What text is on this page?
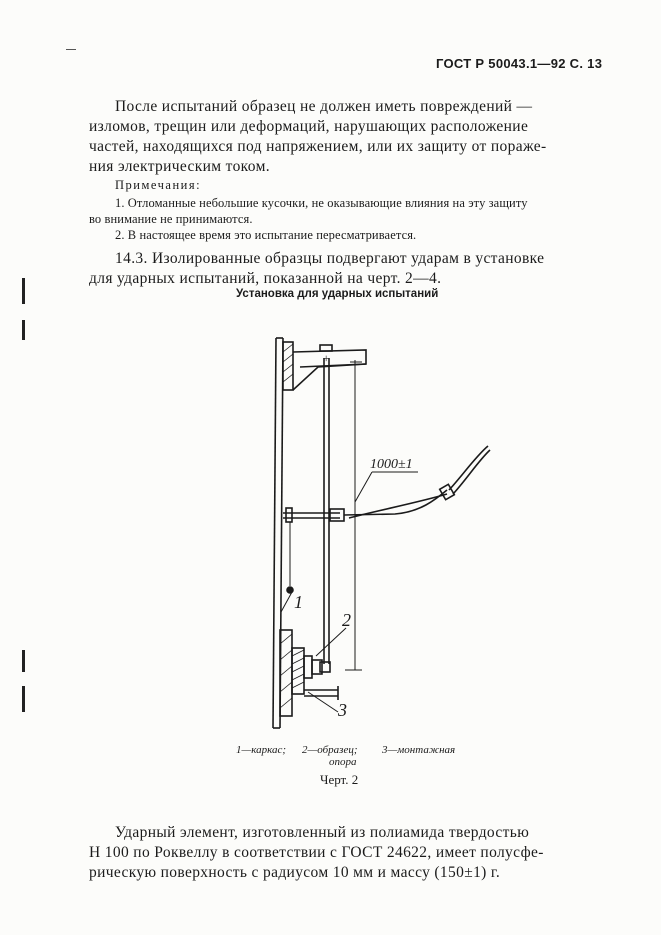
ГОСТ Р 50043.1—92 С. 13
После испытаний образец не должен иметь повреждений —
изломов, трещин или деформаций, нарушающих расположение
частей, находящихся под напряжением, или их защиту от пораже-
ния электрическим током.
Примечания:
1. Отломанные небольшие кусочки, не оказывающие влияния на эту защиту
во внимание не принимаются.
2. В настоящее время это испытание пересматривается.
14.3. Изолированные образцы подвергают ударам в установке
для ударных испытаний, показанной на черт. 2—4.
Установка для ударных испытаний
+
1000±1
1
2
3
1—каркас; 2—образец; 3—монтажная
опора
Черт. 2
Ударный элемент, изготовленный из полиамида твердостью
Н 100 по Роквеллу в соответствии с ГОСТ 24622, имеет полусфе-
рическую поверхность с радиусом 10 мм и массу (150±1) г.
